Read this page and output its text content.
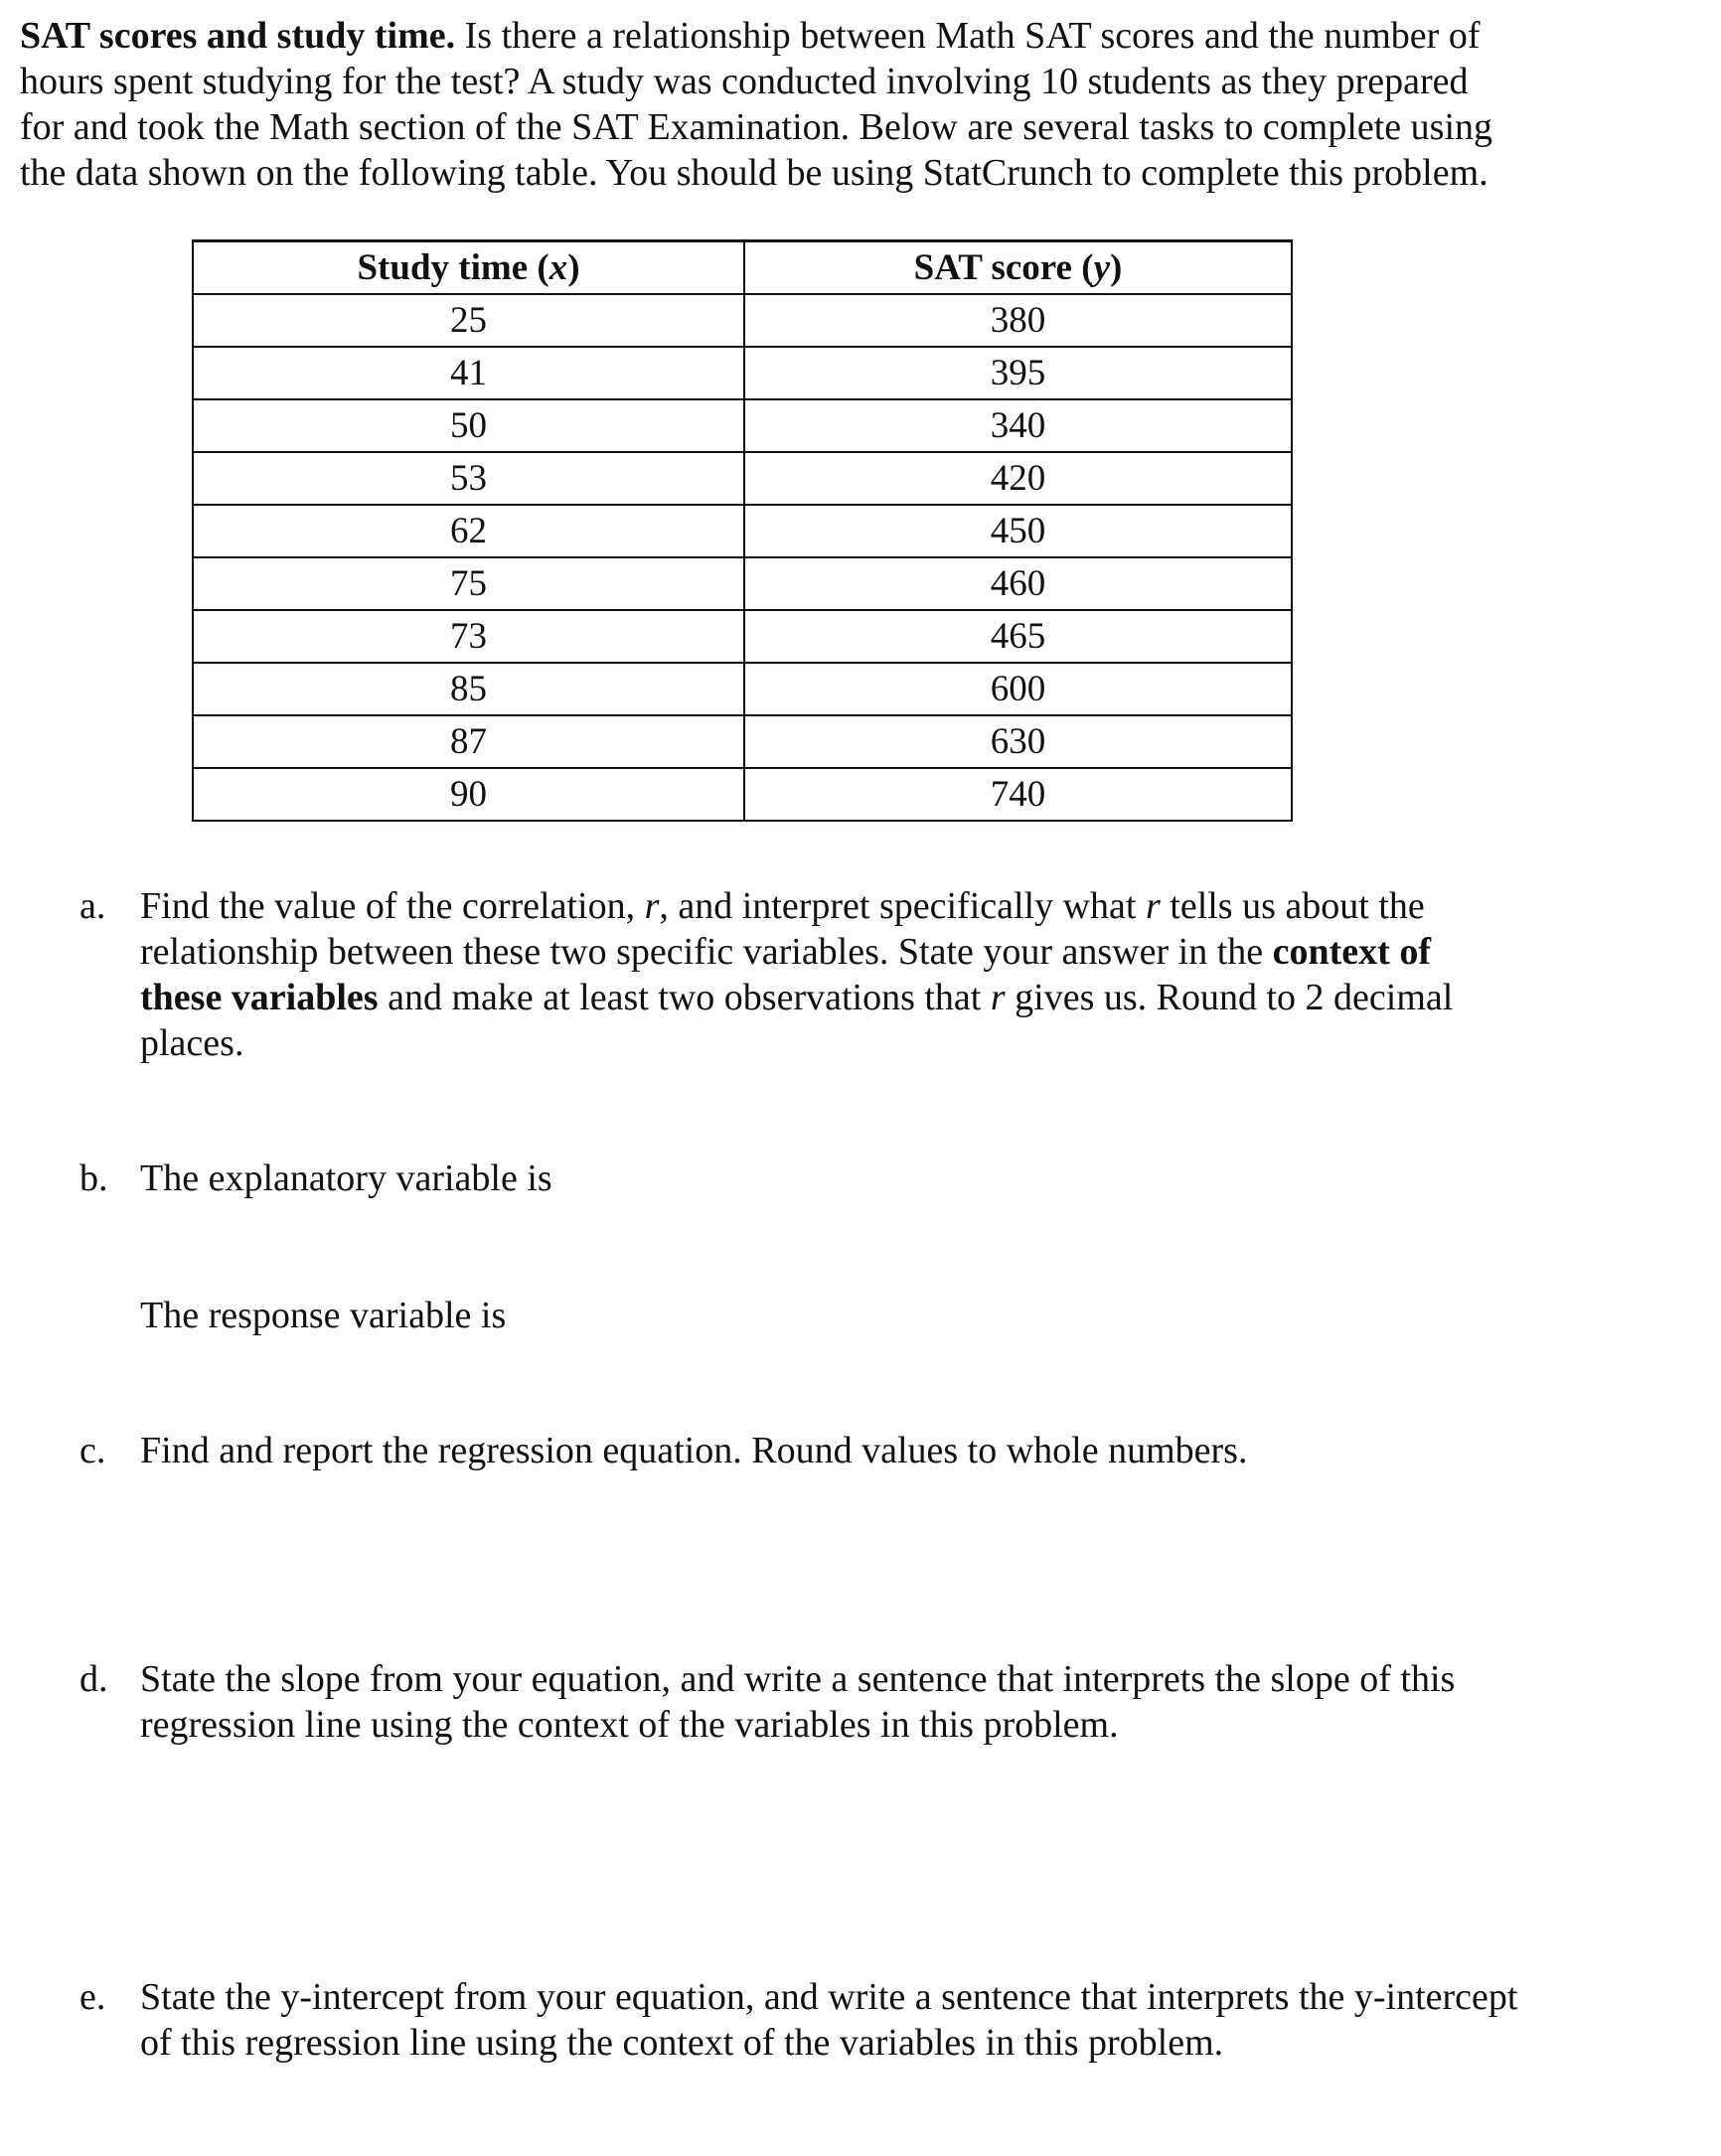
SAT scores and study time. Is there a relationship between Math SAT scores and the number of
hours spent studying for the test? A study was conducted involving 10 students as they prepared
for and took the Math section of the SAT Examination. Below are several tasks to complete using
the data shown on the following table. You should be using StatCrunch to complete this problem.
Study time (x)	SAT score (y)
25	380
41	395
50	340
53	420
62	450
75	460
73	465
85	600
87	630
90	740
a. Find the value of the correlation, r, and interpret specifically what r tells us about the
relationship between these two specific variables. State your answer in the context of
these variables and make at least two observations that r gives us. Round to 2 decimal
places.
b. The explanatory variable is
The response variable is
c. Find and report the regression equation. Round values to whole numbers.
d. State the slope from your equation, and write a sentence that interprets the slope of this
regression line using the context of the variables in this problem.
e. State the y-intercept from your equation, and write a sentence that interprets the y-intercept
of this regression line using the context of the variables in this problem.
